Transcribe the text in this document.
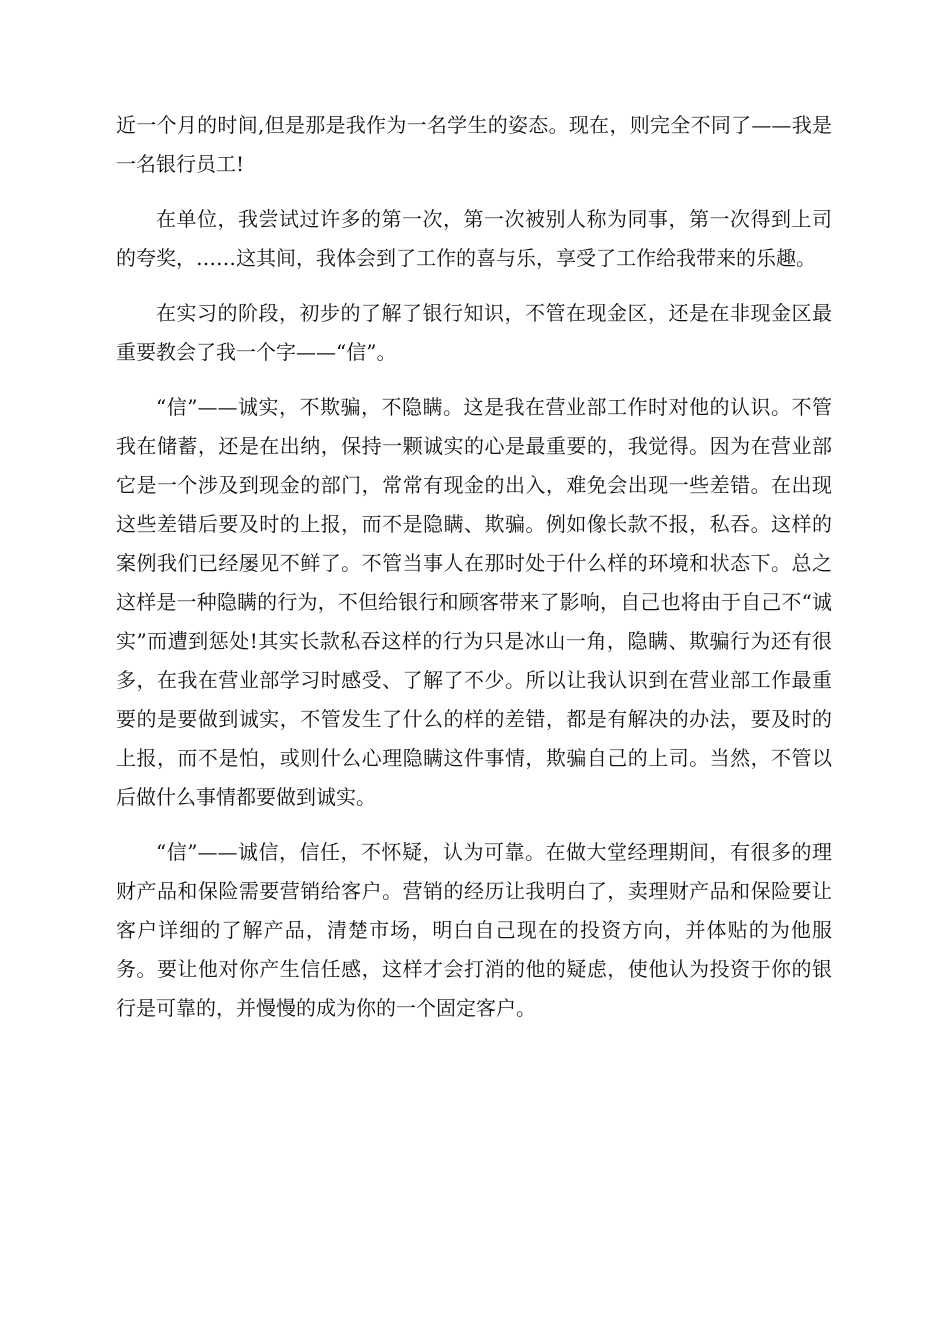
近一个月的时间,但是那是我作为一名学生的姿态。现在，则完全不同了——我是一名银行员工!

在单位，我尝试过许多的第一次，第一次被别人称为同事，第一次得到上司的夸奖，……这其间，我体会到了工作的喜与乐，享受了工作给我带来的乐趣。

在实习的阶段，初步的了解了银行知识，不管在现金区，还是在非现金区最重要教会了我一个字——“信”。

“信”——诚实，不欺骗，不隐瞒。这是我在营业部工作时对他的认识。不管我在储蓄，还是在出纳，保持一颗诚实的心是最重要的，我觉得。因为在营业部它是一个涉及到现金的部门，常常有现金的出入，难免会出现一些差错。在出现这些差错后要及时的上报，而不是隐瞒、欺骗。例如像长款不报，私吞。这样的案例我们已经屡见不鲜了。不管当事人在那时处于什么样的环境和状态下。总之这样是一种隐瞒的行为，不但给银行和顾客带来了影响，自己也将由于自己不“诚实”而遭到惩处!其实长款私吞这样的行为只是冰山一角，隐瞒、欺骗行为还有很多，在我在营业部学习时感受、了解了不少。所以让我认识到在营业部工作最重要的是要做到诚实，不管发生了什么的样的差错，都是有解决的办法，要及时的上报，而不是怕，或则什么心理隐瞒这件事情，欺骗自己的上司。当然，不管以后做什么事情都要做到诚实。

“信”——诚信，信任，不怀疑，认为可靠。在做大堂经理期间，有很多的理财产品和保险需要营销给客户。营销的经历让我明白了，卖理财产品和保险要让客户详细的了解产品，清楚市场，明白自己现在的投资方向，并体贴的为他服务。要让他对你产生信任感，这样才会打消的他的疑虑，使他认为投资于你的银行是可靠的，并慢慢的成为你的一个固定客户。
